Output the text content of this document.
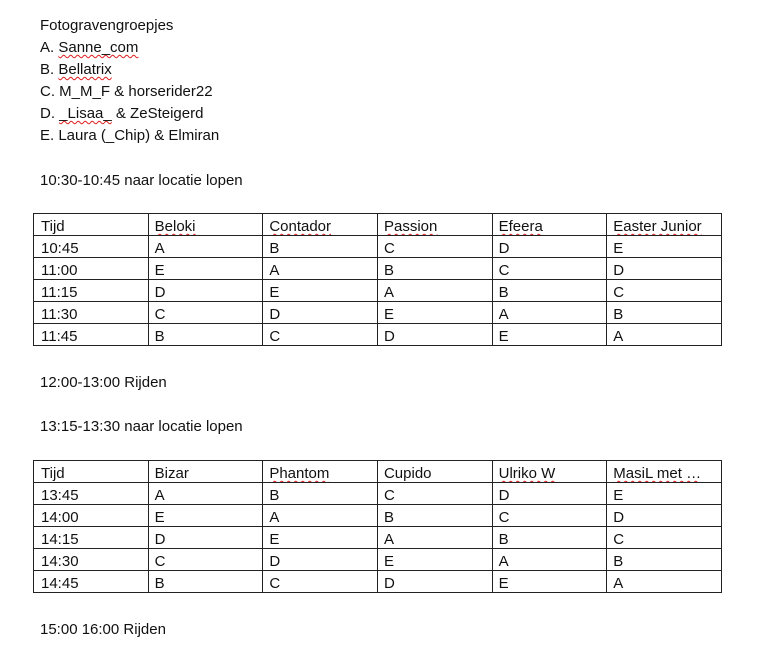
Fotogravengroepjes
A. Sanne_com
B. Bellatrix
C. M_M_F & horserider22
D. _Lisaa_ & ZeSteigerd
E. Laura (_Chip) & Elmiran
10:30-10:45 naar locatie lopen
Tijd	Beloki	Contador	Passion	Efeera	Easter Junior
10:45	A	B	C	D	E
11:00	E	A	B	C	D
11:15	D	E	A	B	C
11:30	C	D	E	A	B
11:45	B	C	D	E	A
12:00-13:00 Rijden
13:15-13:30 naar locatie lopen
Tijd	Bizar	Phantom	Cupido	Ulriko W	MasiL met …
13:45	A	B	C	D	E
14:00	E	A	B	C	D
14:15	D	E	A	B	C
14:30	C	D	E	A	B
14:45	B	C	D	E	A
15:00 16:00 Rijden
